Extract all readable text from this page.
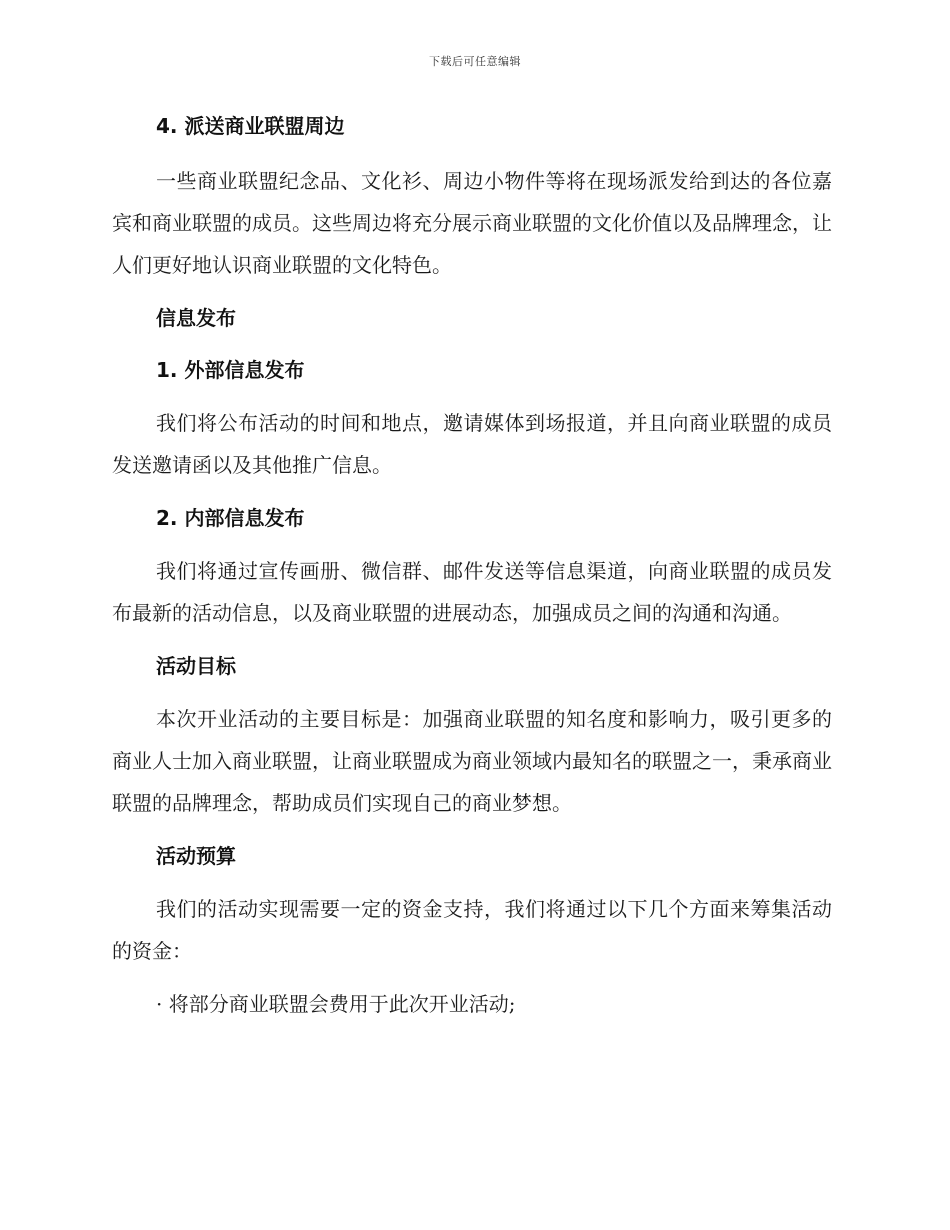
下载后可任意编辑
4. 派送商业联盟周边

一些商业联盟纪念品、文化衫、周边小物件等将在现场派发给到达的各位嘉宾和商业联盟的成员。这些周边将充分展示商业联盟的文化价值以及品牌理念，让人们更好地认识商业联盟的文化特色。

信息发布
1. 外部信息发布

我们将公布活动的时间和地点，邀请媒体到场报道，并且向商业联盟的成员发送邀请函以及其他推广信息。

2. 内部信息发布

我们将通过宣传画册、微信群、邮件发送等信息渠道，向商业联盟的成员发布最新的活动信息，以及商业联盟的进展动态，加强成员之间的沟通和沟通。

活动目标

本次开业活动的主要目标是：加强商业联盟的知名度和影响力，吸引更多的商业人士加入商业联盟，让商业联盟成为商业领域内最知名的联盟之一，秉承商业联盟的品牌理念，帮助成员们实现自己的商业梦想。

活动预算

我们的活动实现需要一定的资金支持，我们将通过以下几个方面来筹集活动的资金：

· 将部分商业联盟会费用于此次开业活动;
